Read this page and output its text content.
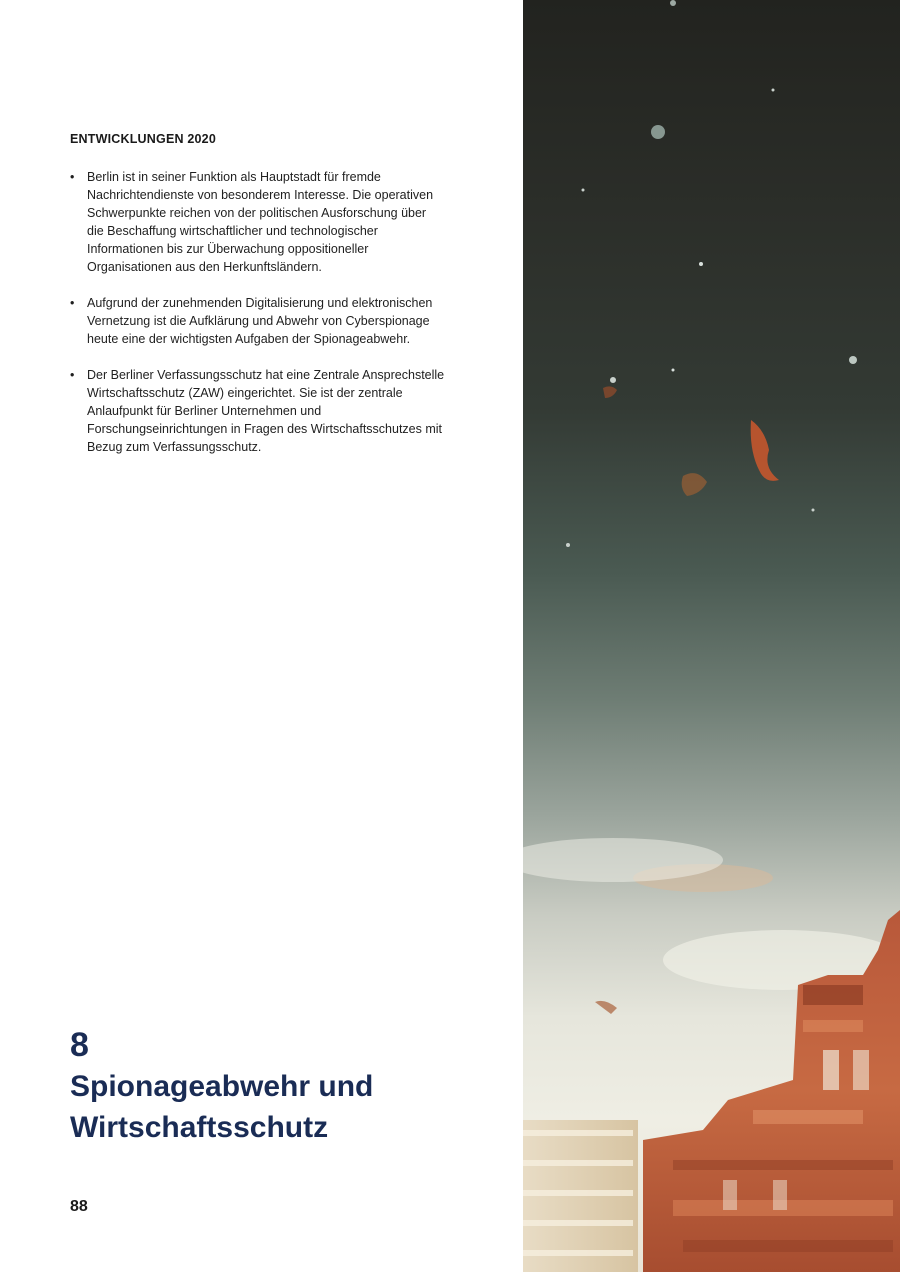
ENTWICKLUNGEN 2020
•	Berlin ist in seiner Funktion als Hauptstadt für fremde Nachrichtendienste von besonderem Interesse. Die operativen Schwerpunkte reichen von der politischen Ausforschung über die Beschaffung wirtschaftlicher und technologischer Informationen bis zur Überwachung oppositioneller Organisationen aus den Herkunftsländern.
•	Aufgrund der zunehmenden Digitalisierung und elektronischen Vernetzung ist die Aufklärung und Abwehr von Cyberspionage heute eine der wichtigsten Aufgaben der Spionageabwehr.
•	Der Berliner Verfassungsschutz hat eine Zentrale Ansprechstelle Wirtschaftsschutz (ZAW) eingerichtet. Sie ist der zentrale Anlaufpunkt für Berliner Unternehmen und Forschungseinrichtungen in Fragen des Wirtschaftsschutzes mit Bezug zum Verfassungsschutz.
8
Spionageabwehr und
Wirtschaftsschutz
88
